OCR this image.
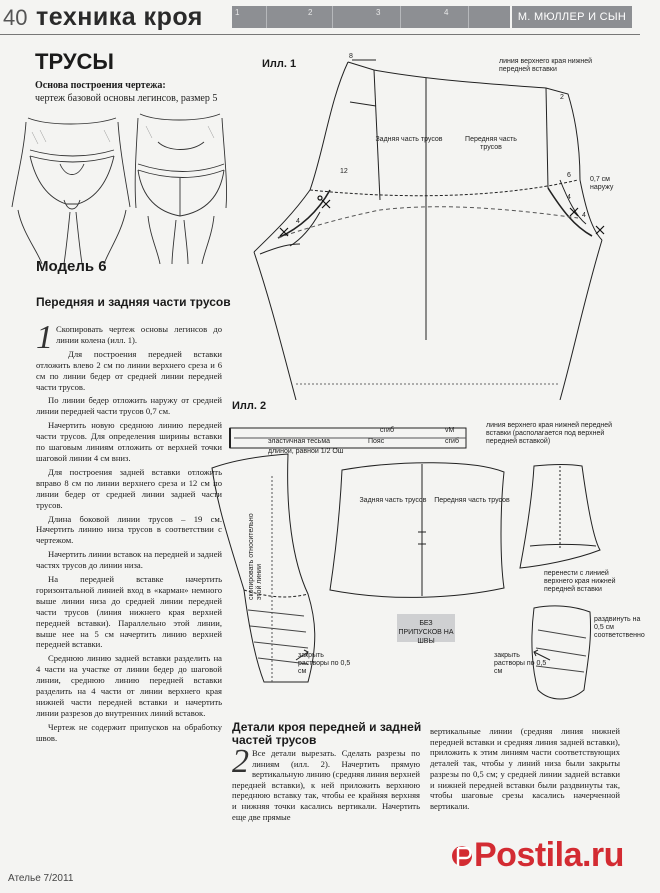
40 техника кроя	1	2	3	4	М. МЮЛЛЕР И СЫН
ТРУСЫ
Основа построения чертежа:
чертеж базовой основы легинсов, размер 5
Модель 6
Передняя и задняя части трусов

1 Скопировать чертеж основы легинсов до линии колена (илл. 1).

Для построения передней вставки отложить влево 2 см по линии верхнего среза и 6 см по линии бедер от средней линии передней части трусов.

По линии бедер отложить наружу от средней линии передней части трусов 0,7 см.

Начертить новую среднюю линию передней части трусов. Для определения ширины вставки по шаговым линиям отложить от верхней точки шаговой линии 4 см вниз.

Для построения задней вставки отложить вправо 8 см по линии верхнего среза и 12 см по линии бедер от средней линии задней части трусов.

Длина боковой линии трусов – 19 см. Начертить линию низа трусов в соответствии с чертежом.

Начертить линии вставок на передней и задней частях трусов до линии низа.

На передней вставке начертить горизонтальной линией вход в «карман» немного выше линии низа до средней линии передней части трусов (линия нижнего края верхней передней вставки). Параллельно этой линии, выше нее на 5 см начертить линию верхней передней вставки.

Среднюю линию задней вставки разделить на 4 части на участке от линии бедер до шаговой линии, среднюю линию передней вставки разделить на 4 части от линии верхнего края нижней части передней вставки и начертить линии разрезов до внутренних линий вставок.

Чертеж не содержит припусков на обработку швов.

Илл. 1
Задняя часть трусов	Передняя часть трусов
линия верхнего края нижней передней вставки
0,7 см наружу
8
12
2
6
4
4
4
Илл. 2
сгиб	vM
сгиб
эластичная тесьма
длиной, равной 1/2 Ош
Пояс
Задняя часть трусов Передняя часть трусов
скопировать относительно этой линии
линия верхнего края нижней передней вставки (располагается под верхней передней вставкой)
перенести с линией верхнего края нижней передней вставки
раздвинуть на 0,5 см соответственно
закрыть растворы по 0,5 см
закрыть растворы по 0,5 см
БЕЗ ПРИПУСКОВ НА ШВЫ
Детали кроя передней и задней частей трусов
2 Все детали вырезать. Сделать разрезы по линиям (илл. 2). Начертить прямую вертикальную линию (средняя линия верхней передней вставки), к ней приложить верхнюю переднюю вставку так, чтобы ее крайняя верхняя и нижняя точки касались вертикали. Начертить еще две прямые
вертикальные линии (средняя линия нижней передней вставки и средняя линия задней вставки), приложить к этим линиям части соответствующих деталей так, чтобы у линий низа были закрыты разрезы по 0,5 см; у средней линии задней вставки и нижней передней вставки были раздвинуты так, чтобы шаговые срезы касались начерченной вертикали.
Ателье 7/2011
Postila.ru
